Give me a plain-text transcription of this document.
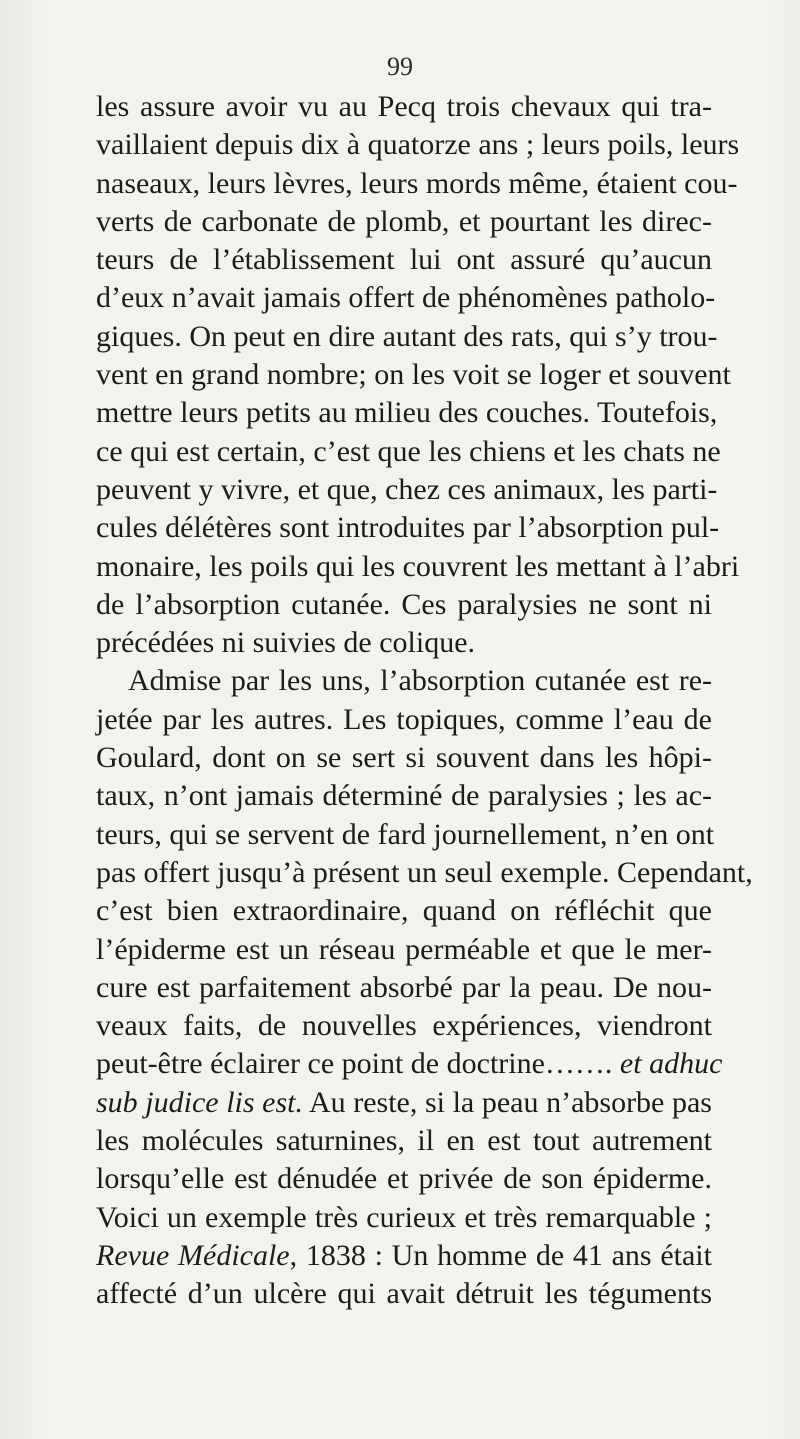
99

les assure avoir vu au Pecq trois chevaux qui tra-
vaillaient depuis dix à quatorze ans ; leurs poils, leurs
naseaux, leurs lèvres, leurs mords même, étaient cou-
verts de carbonate de plomb, et pourtant les direc-
teurs de l’établissement lui ont assuré qu’aucun
d’eux n’avait jamais offert de phénomènes patholo-
giques. On peut en dire autant des rats, qui s’y trou-
vent en grand nombre; on les voit se loger et souvent
mettre leurs petits au milieu des couches. Toutefois,
ce qui est certain, c’est que les chiens et les chats ne
peuvent y vivre, et que, chez ces animaux, les parti-
cules délétères sont introduites par l’absorption pul-
monaire, les poils qui les couvrent les mettant à l’abri
de l’absorption cutanée. Ces paralysies ne sont ni
précédées ni suivies de colique.
Admise par les uns, l’absorption cutanée est re-
jetée par les autres. Les topiques, comme l’eau de
Goulard, dont on se sert si souvent dans les hôpi-
taux, n’ont jamais déterminé de paralysies ; les ac-
teurs, qui se servent de fard journellement, n’en ont
pas offert jusqu’à présent un seul exemple. Cependant,
c’est bien extraordinaire, quand on réfléchit que
l’épiderme est un réseau perméable et que le mer-
cure est parfaitement absorbé par la peau. De nou-
veaux faits, de nouvelles expériences, viendront
peut-être éclairer ce point de doctrine……. et adhuc
sub judice lis est. Au reste, si la peau n’absorbe pas
les molécules saturnines, il en est tout autrement
lorsqu’elle est dénudée et privée de son épiderme.
Voici un exemple très curieux et très remarquable ;
Revue Médicale, 1838 : Un homme de 41 ans était
affecté d’un ulcère qui avait détruit les téguments
